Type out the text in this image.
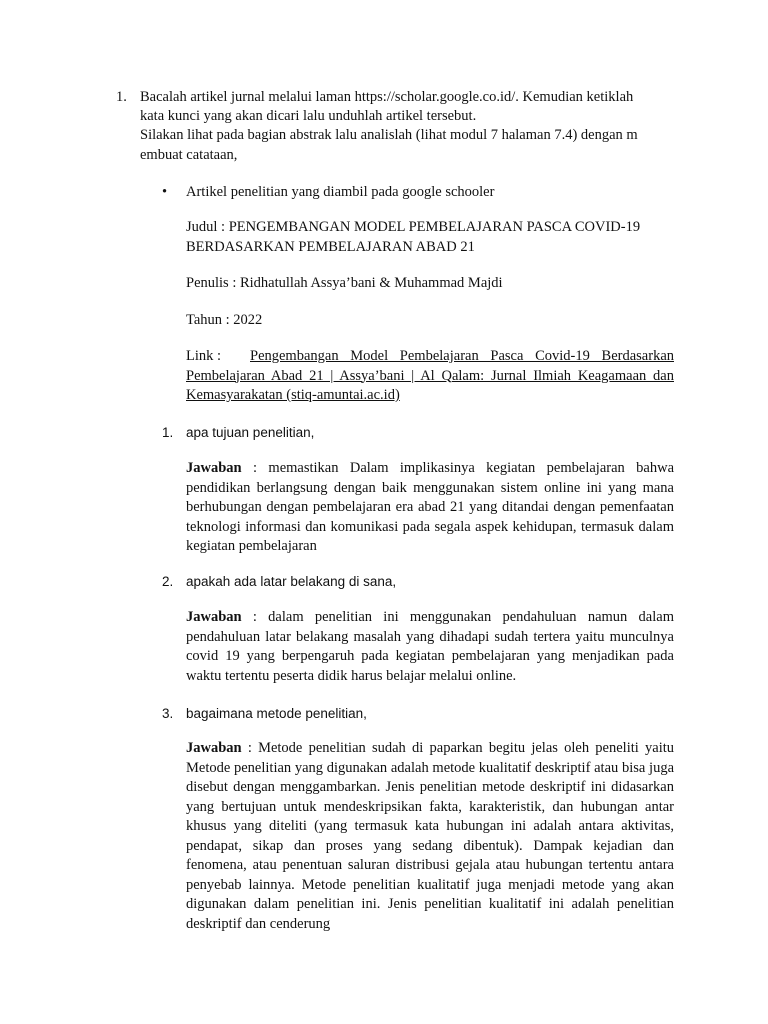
1. Bacalah artikel jurnal melalui laman https://scholar.google.co.id/. Kemudian ketiklah

kata kunci yang akan dicari lalu unduhlah artikel tersebut.

Silakan lihat pada bagian abstrak lalu analislah (lihat modul 7 halaman 7.4) dengan m

embuat catataan,

• Artikel penelitian yang diambil pada google schooler

Judul : PENGEMBANGAN MODEL PEMBELAJARAN PASCA COVID-19

BERDASARKAN PEMBELAJARAN ABAD 21

Penulis : Ridhatullah Assya’bani & Muhammad Majdi

Tahun : 2022

Link : Pengembangan Model Pembelajaran Pasca Covid-19 Berdasarkan
Pembelajaran Abad 21 | Assya’bani | Al Qalam: Jurnal Ilmiah Keagamaan dan
Kemasyarakatan (stiq-amuntai.ac.id)
1. apa tujuan penelitian,

Jawaban : memastikan Dalam implikasinya kegiatan pembelajaran bahwa pendidikan berlangsung dengan baik menggunakan sistem online ini yang mana berhubungan dengan pembelajaran era abad 21 yang ditandai dengan pemenfaatan teknologi informasi dan komunikasi pada segala aspek kehidupan, termasuk dalam kegiatan pembelajaran
2. apakah ada latar belakang di sana,

Jawaban : dalam penelitian ini menggunakan pendahuluan namun dalam pendahuluan latar belakang masalah yang dihadapi sudah tertera yaitu munculnya covid 19 yang berpengaruh pada kegiatan pembelajaran yang menjadikan pada waktu tertentu peserta didik harus belajar melalui online.
3. bagaimana metode penelitian,

Jawaban : Metode penelitian sudah di paparkan begitu jelas oleh peneliti yaitu Metode penelitian yang digunakan adalah metode kualitatif deskriptif atau bisa juga disebut dengan menggambarkan. Jenis penelitian metode deskriptif ini didasarkan yang bertujuan untuk mendeskripsikan fakta, karakteristik, dan hubungan antar khusus yang diteliti (yang termasuk kata hubungan ini adalah antara aktivitas, pendapat, sikap dan proses yang sedang dibentuk). Dampak kejadian dan fenomena, atau penentuan saluran distribusi gejala atau hubungan tertentu antara penyebab lainnya. Metode penelitian kualitatif juga menjadi metode yang akan digunakan dalam penelitian ini. Jenis penelitian kualitatif ini adalah penelitian deskriptif dan cenderung
